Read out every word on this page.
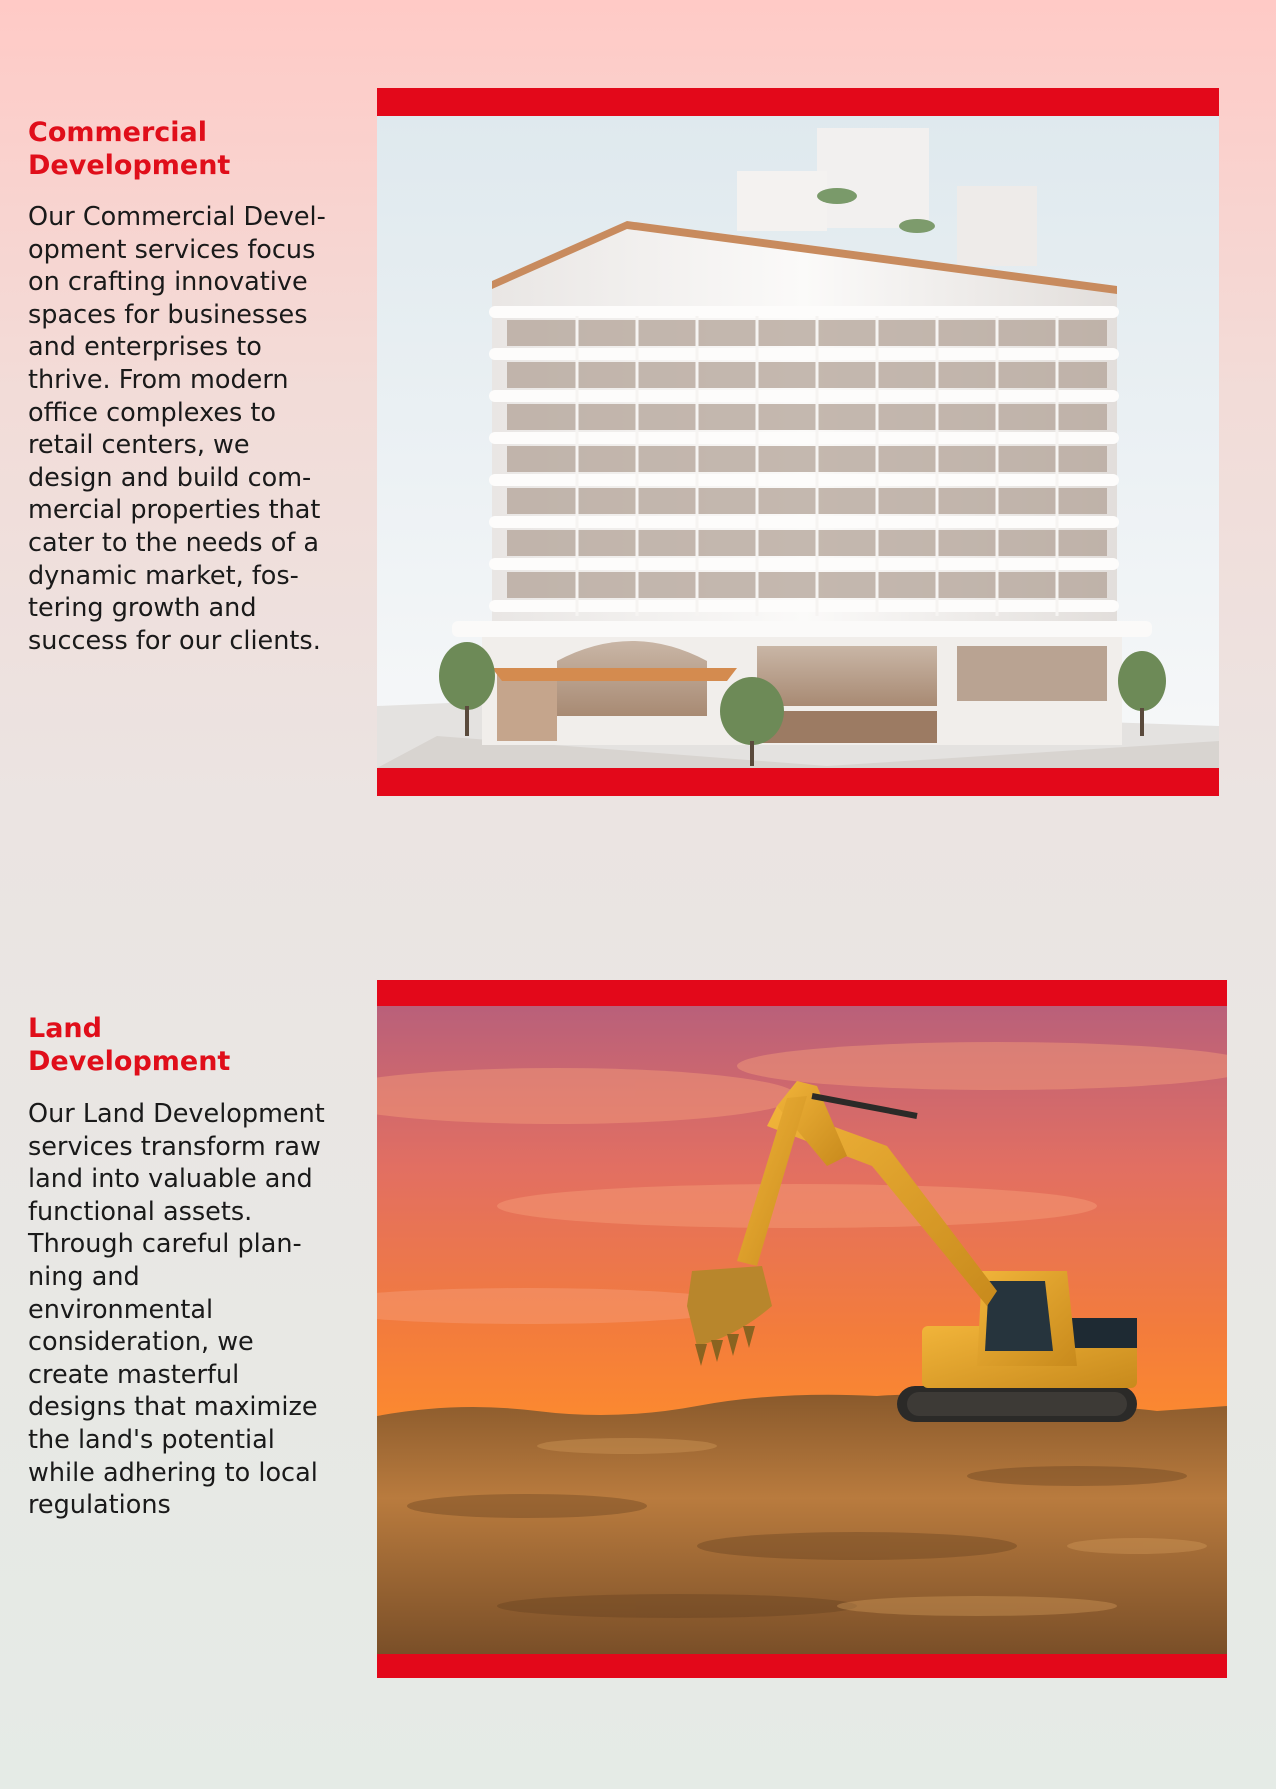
Commercial
Development

Our Commercial Devel-
opment services focus
on crafting innovative
spaces for businesses
and enterprises to
thrive. From modern
office complexes to
retail centers, we
design and build com-
mercial properties that
cater to the needs of a
dynamic market, fos-
tering growth and
success for our clients.

Land
Development

Our Land Development
services transform raw
land into valuable and
functional assets.
Through careful plan-
ning and environmental
consideration, we
create masterful
designs that maximize
the land's potential
while adhering to local
regulations
